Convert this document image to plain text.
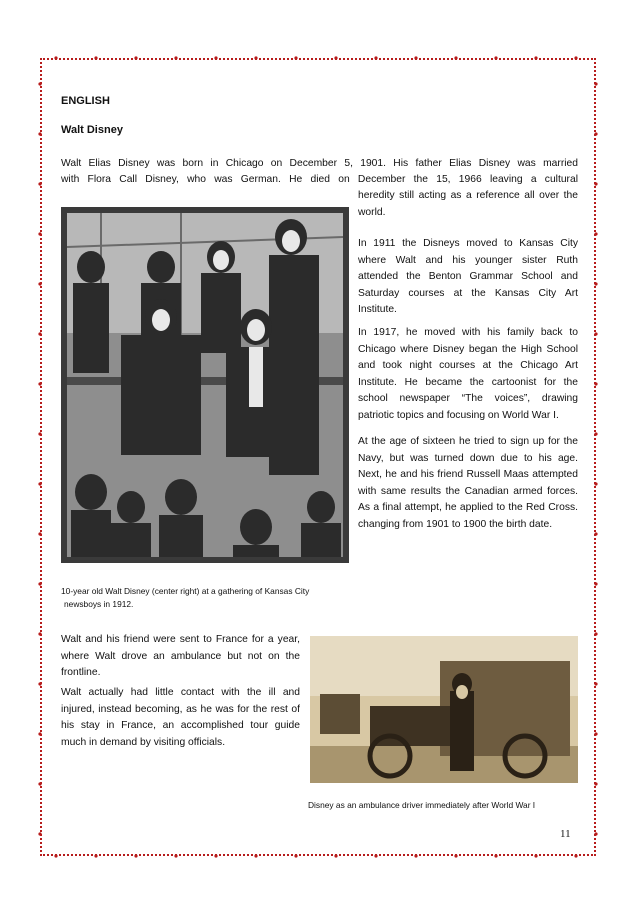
ENGLISH
Walt Disney

Walt Elias Disney was born in Chicago on December 5, 1901. His father Elias Disney was married

with Flora Call Disney, who was German. He died on December the 15, 1966 leaving a cultural

heredity still acting as a reference all over the world.

In 1911 the Disneys moved to Kansas City where Walt and his younger sister Ruth attended the Benton Grammar School and Saturday courses at the Kansas City Art Institute.

In 1917, he moved with his family back to Chicago where Disney began the High School and took night courses at the Chicago Art Institute. He became the cartoonist for the school newspaper “The voices”, drawing patriotic topics and focusing on World War I.

At the age of sixteen he tried to sign up for the Navy, but was turned down due to his age. Next, he and his friend Russell Maas attempted with same results the Canadian armed forces. As a final attempt, he applied to the Red Cross. changing from 1901 to 1900 the birth date.

10-year old Walt Disney (center right) at a gathering of Kansas City
newsboys in 1912.

Walt and his friend were sent to France for a year, where Walt drove an ambulance but not on the frontline.

Walt actually had little contact with the ill and injured, instead becoming, as he was for the rest of his stay in France, an accomplished tour guide much in demand by visiting officials.

Disney as an ambulance driver immediately after World War I
11
